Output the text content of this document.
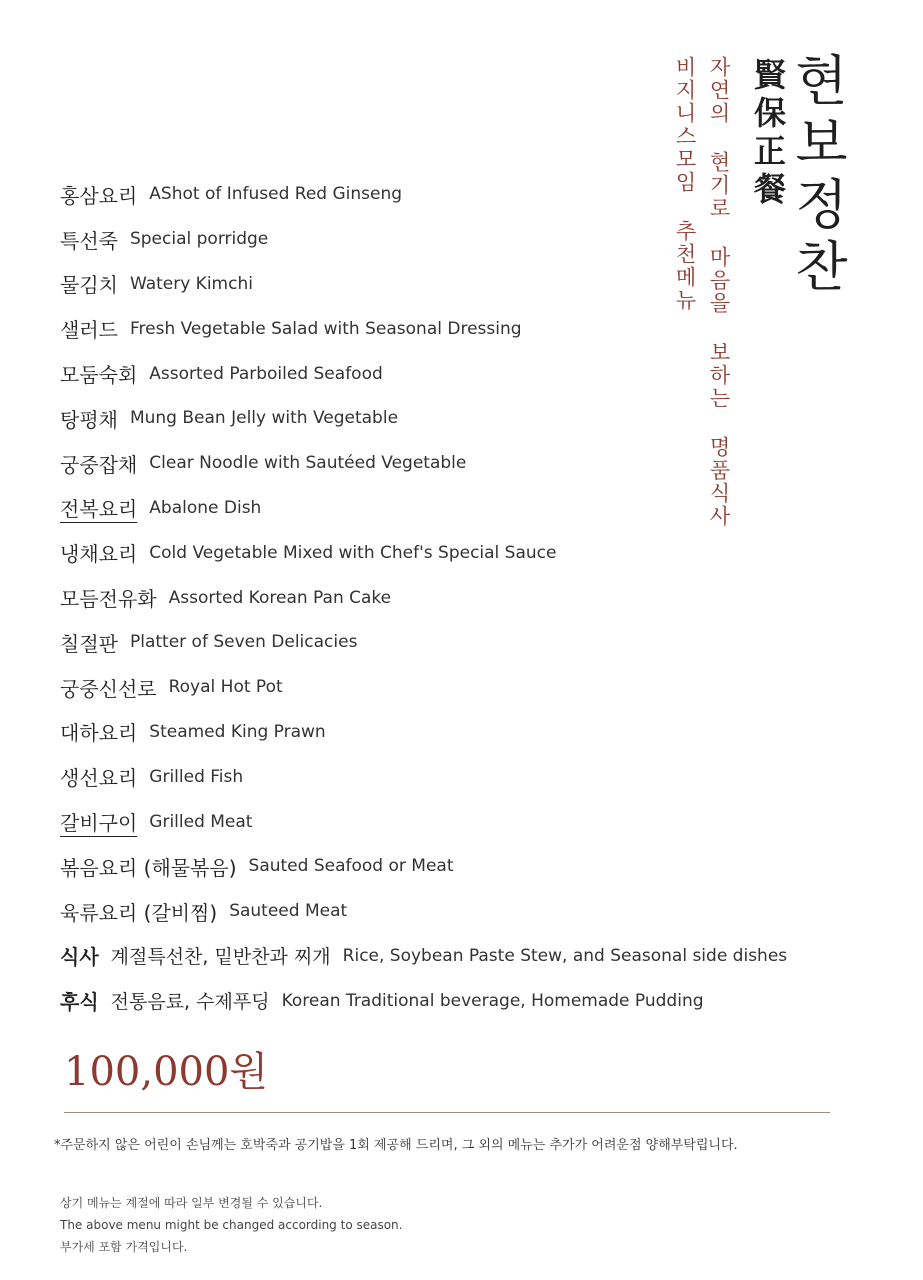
현보정찬
賢保正餐
자연의 현기로 마음을 보하는 명품식사
비지니스모임 추천메뉴
홍삼요리 AShot of Infused Red Ginseng
특선죽 Special porridge
물김치 Watery Kimchi
샐러드 Fresh Vegetable Salad with Seasonal Dressing
모둠숙회 Assorted Parboiled Seafood
탕평채 Mung Bean Jelly with Vegetable
궁중잡채 Clear Noodle with Sautéed Vegetable
전복요리 Abalone Dish
냉채요리 Cold Vegetable Mixed with Chef's Special Sauce
모듬전유화 Assorted Korean Pan Cake
칠절판 Platter of Seven Delicacies
궁중신선로 Royal Hot Pot
대하요리 Steamed King Prawn
생선요리 Grilled Fish
갈비구이 Grilled Meat
볶음요리 (해물볶음) Sauted Seafood or Meat
육류요리 (갈비찜) Sauteed Meat
식사 계절특선찬, 밑반찬과 찌개 Rice, Soybean Paste Stew, and Seasonal side dishes
후식 전통음료, 수제푸딩 Korean Traditional beverage, Homemade Pudding
100,000원
*주문하지 않은 어린이 손님께는 호박죽과 공기밥을 1회 제공해 드리며, 그 외의 메뉴는 추가가 어려운점 양해부탁립니다.
상기 메뉴는 계절에 따라 일부 변경될 수 있습니다.
The above menu might be changed according to season.
부가세 포함 가격입니다.
